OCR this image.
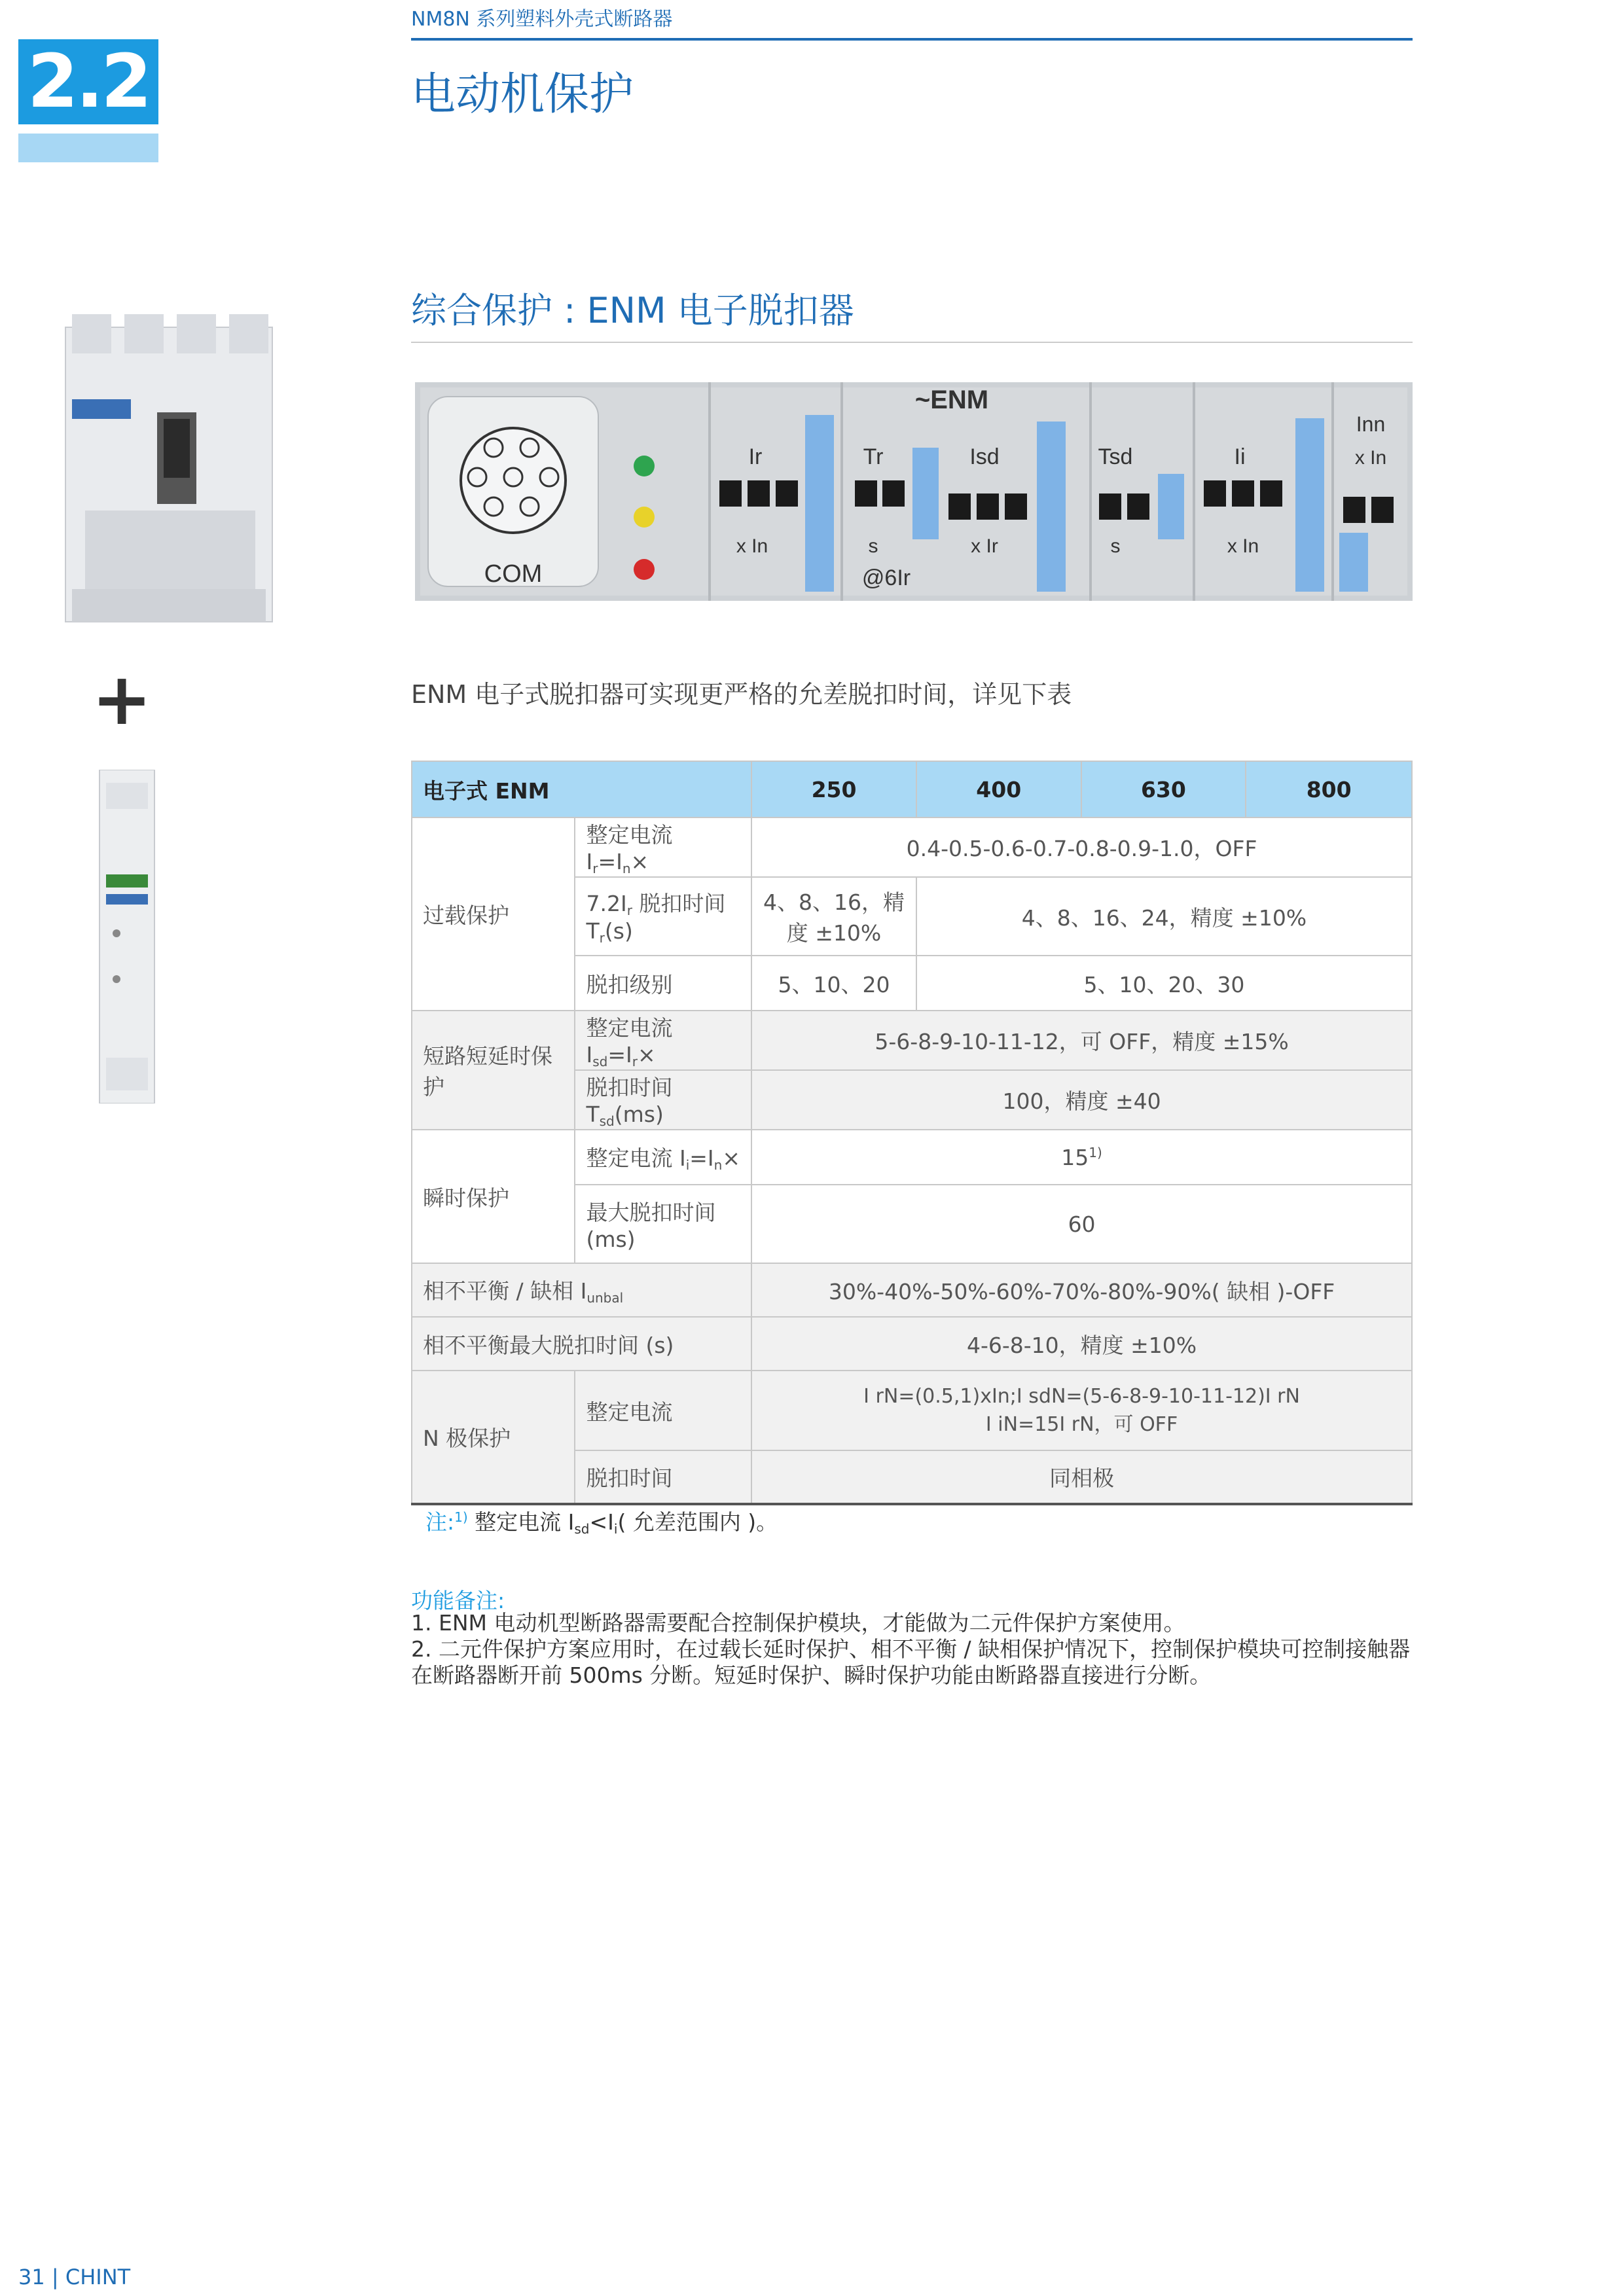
NM8N 系列塑料外壳式断路器
2.2	电动机保护
+
综合保护 : ENM 电子脱扣器
COM
~ENM
Ir
x In
Tr
s
@6Ir
Isd
x Ir
Tsd
s
Ii
x In
Inn
x In
ENM 电子式脱扣器可实现更严格的允差脱扣时间，详见下表
电子式 ENM		250	400	630	800
过载保护	整定电流 $I_r=I_n\times$	0.4-0.5-0.6-0.7-0.8-0.9-1.0，OFF			
	$7.2I_r$ 脱扣时间 $T_r(s)$	4、8、16，精度 ±10%	4、8、16、24，精度 ±10%		
	脱扣级别	5、10、20	5、10、20、30		
短路短延时保护	整定电流 $I_{sd}=I_r\times$	5-6-8-9-10-11-12，可 OFF，精度 ±15%			
	脱扣时间 $T_{sd}(ms)$	100，精度 ±40			
瞬时保护	整定电流 $I_i=I_n\times$	$15^{1)}$
	最大脱扣时间 (ms)	60			
相不平衡 / 缺相 $I_{unbal}$		30%-40%-50%-60%-70%-80%-90%( 缺相 )-OFF			
相不平衡最大脱扣时间 (s)		4-6-8-10，精度 ±10%			
N 极保护	整定电流	I rN=(0.5,1)xIn;I sdN=(5-6-8-9-10-11-12)I rN
I iN=15I rN，可 OFF			

	脱扣时间	同相极			
注:$^{1)}$ 整定电流 $I_{sd}<I_i$( 允差范围内 )。
功能备注:
1. ENM 电动机型断路器需要配合控制保护模块，才能做为二元件保护方案使用。
2. 二元件保护方案应用时，在过载长延时保护、相不平衡 / 缺相保护情况下，控制保护模块可控制接触器在断路器断开前 500ms 分断。短延时保护、瞬时保护功能由断路器直接进行分断。
31 | CHINT
